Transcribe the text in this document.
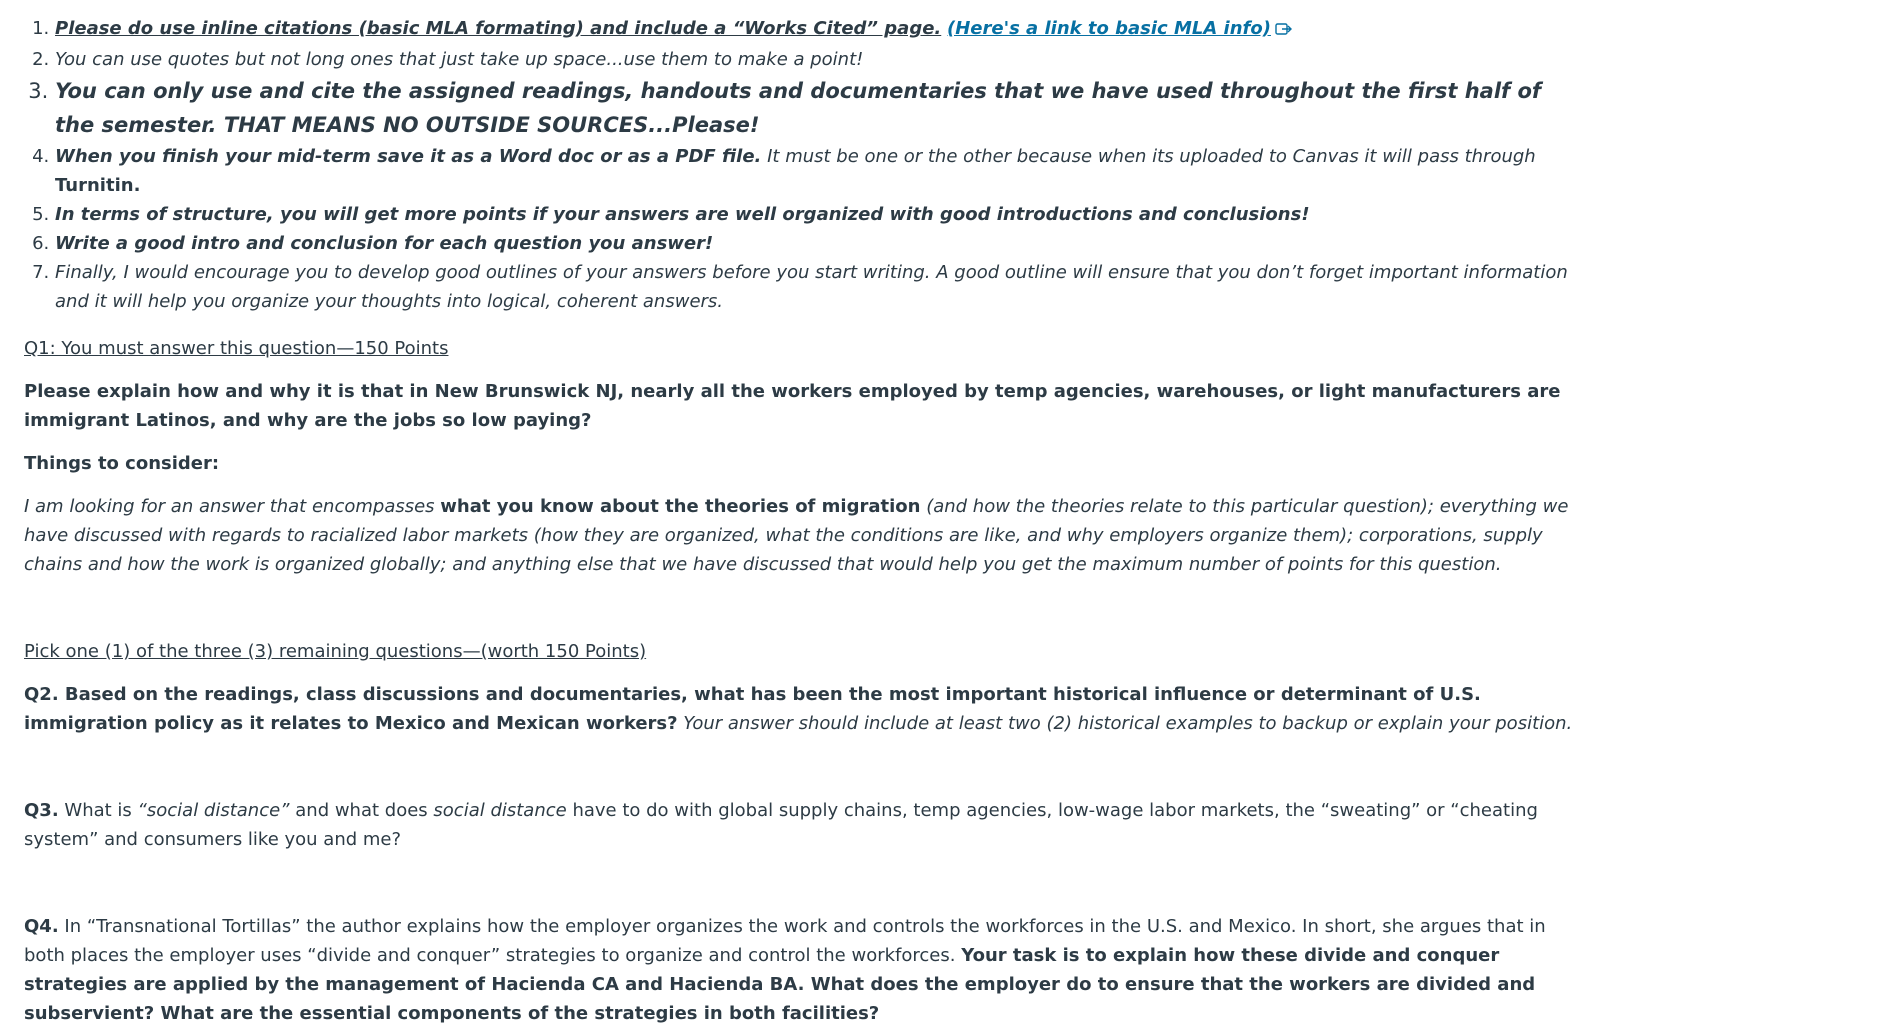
1. Please do use inline citations (basic MLA formating) and include a “Works Cited” page. (Here's a link to basic MLA info)
2. You can use quotes but not long ones that just take up space...use them to make a point!
3. You can only use and cite the assigned readings, handouts and documentaries that we have used throughout the first half of the semester. THAT MEANS NO OUTSIDE SOURCES...Please!
4. When you finish your mid-term save it as a Word doc or as a PDF file. It must be one or the other because when its uploaded to Canvas it will pass through Turnitin.
5. In terms of structure, you will get more points if your answers are well organized with good introductions and conclusions!
6. Write a good intro and conclusion for each question you answer!
7. Finally, I would encourage you to develop good outlines of your answers before you start writing. A good outline will ensure that you don’t forget important information and it will help you organize your thoughts into logical, coherent answers.

Q1: You must answer this question—150 Points

Please explain how and why it is that in New Brunswick NJ, nearly all the workers employed by temp agencies, warehouses, or light manufacturers are immigrant Latinos, and why are the jobs so low paying?

Things to consider:

I am looking for an answer that encompasses what you know about the theories of migration (and how the theories relate to this particular question); everything we have discussed with regards to racialized labor markets (how they are organized, what the conditions are like, and why employers organize them); corporations, supply chains and how the work is organized globally; and anything else that we have discussed that would help you get the maximum number of points for this question.

Pick one (1) of the three (3) remaining questions—(worth 150 Points)

Q2. Based on the readings, class discussions and documentaries, what has been the most important historical influence or determinant of U.S. immigration policy as it relates to Mexico and Mexican workers? Your answer should include at least two (2) historical examples to backup or explain your position.

Q3. What is “social distance” and what does social distance have to do with global supply chains, temp agencies, low-wage labor markets, the “sweating” or “cheating system” and consumers like you and me?

Q4. In “Transnational Tortillas” the author explains how the employer organizes the work and controls the workforces in the U.S. and Mexico. In short, she argues that in both places the employer uses “divide and conquer” strategies to organize and control the workforces. Your task is to explain how these divide and conquer strategies are applied by the management of Hacienda CA and Hacienda BA. What does the employer do to ensure that the workers are divided and subservient? What are the essential components of the strategies in both facilities?
